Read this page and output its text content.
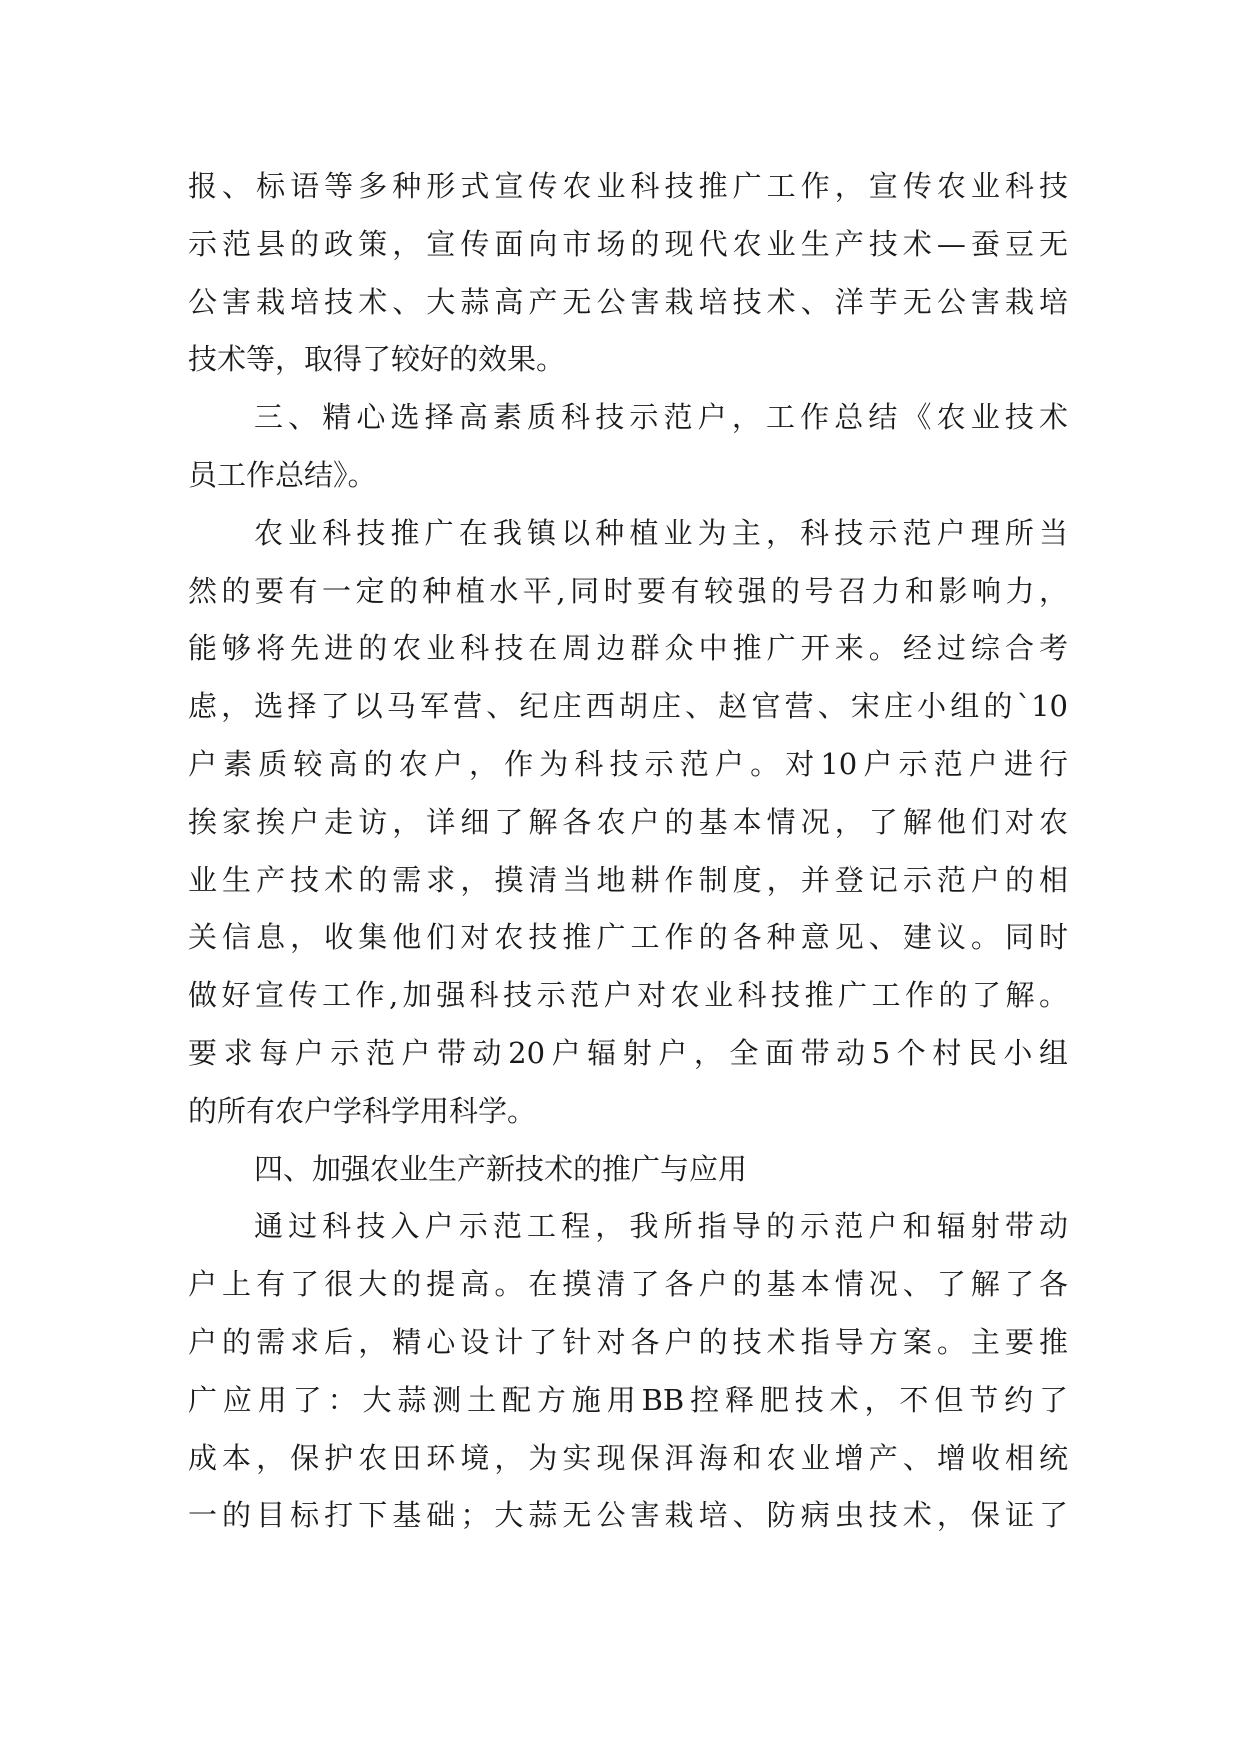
报、标语等多种形式宣传农业科技推广工作，宣传农业科技
示范县的政策，宣传面向市场的现代农业生产技术—蚕豆无
公害栽培技术、大蒜高产无公害栽培技术、洋芋无公害栽培
技术等，取得了较好的效果。
三、精心选择高素质科技示范户，工作总结《农业技术
员工作总结》。
农业科技推广在我镇以种植业为主，科技示范户理所当
然的要有一定的种植水平,同时要有较强的号召力和影响力，
能够将先进的农业科技在周边群众中推广开来。经过综合考
虑，选择了以马军营、纪庄西胡庄、赵官营、宋庄小组的`10
户素质较高的农户，作为科技示范户。对10户示范户进行
挨家挨户走访，详细了解各农户的基本情况，了解他们对农
业生产技术的需求，摸清当地耕作制度，并登记示范户的相
关信息，收集他们对农技推广工作的各种意见、建议。同时
做好宣传工作,加强科技示范户对农业科技推广工作的了解。
要求每户示范户带动20户辐射户，全面带动5个村民小组
的所有农户学科学用科学。
四、加强农业生产新技术的推广与应用
通过科技入户示范工程，我所指导的示范户和辐射带动
户上有了很大的提高。在摸清了各户的基本情况、了解了各
户的需求后，精心设计了针对各户的技术指导方案。主要推
广应用了：大蒜测土配方施用BB控释肥技术，不但节约了
成本，保护农田环境，为实现保洱海和农业增产、增收相统
一的目标打下基础；大蒜无公害栽培、防病虫技术，保证了
